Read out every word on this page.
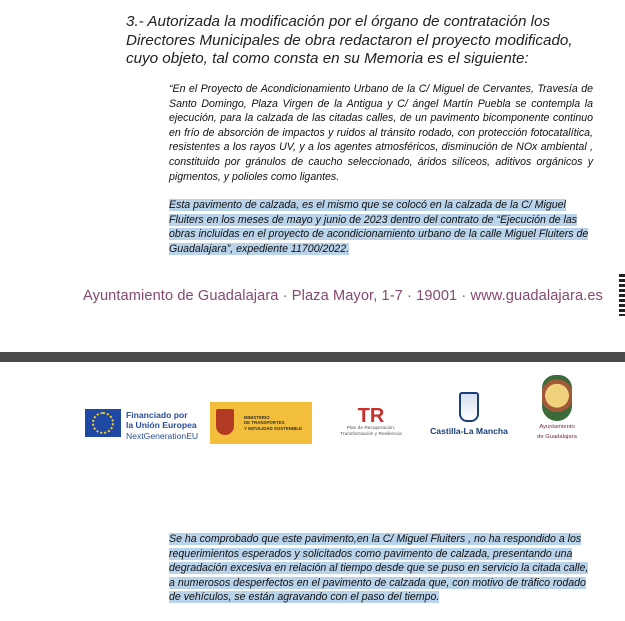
3.- Autorizada la modificación por el órgano de contratación los Directores Municipales de obra redactaron el proyecto modificado, cuyo objeto, tal como consta en su Memoria es el siguiente:

“En el Proyecto de Acondicionamiento Urbano de la C/ Miguel de Cervantes, Travesía de Santo Domingo, Plaza Virgen de la Antigua y C/ ángel Martín Puebla se contempla la ejecución, para la calzada de las citadas calles, de un pavimento bicomponente continuo en frío de absorción de impactos y ruidos al tránsito rodado, con protección fotocatalítica, resistentes a los rayos UV, y a los agentes atmosféricos, disminución de NOx ambiental , constituido por gránulos de caucho seleccionado, áridos silíceos, aditivos orgánicos y pigmentos, y polioles como ligantes.

Esta pavimento de calzada, es el mismo que se colocó en la calzada de la C/ Miguel Fluiters en los meses de mayo y junio de 2023 dentro del contrato de “Ejecución de las obras incluidas en el proyecto de acondicionamiento urbano de la calle Miguel Fluiters de Guadalajara”, expediente 11700/2022.
Ayuntamiento de Guadalajara · Plaza Mayor, 1-7 · 19001 · www.guadalajara.es
Financiado por
la Unión Europea
NextGenerationEU
MINISTERIO
DE TRANSPORTES
Y MOVILIDAD SOSTENIBLE
TR
Plan de Recuperación,
Transformación y Resiliencia	Castilla-La Mancha	Ayuntamiento
de Guadalajara
Se ha comprobado que este pavimento,en la C/ Miguel Fluiters , no ha respondido a los requerimientos esperados y solicitados como pavimento de calzada, presentando una degradación excesiva en relación al tiempo desde que se puso en servicio la citada calle, a numerosos desperfectos en el pavimento de calzada que, con motivo de tráfico rodado de vehículos, se están agravando con el paso del tiempo.
